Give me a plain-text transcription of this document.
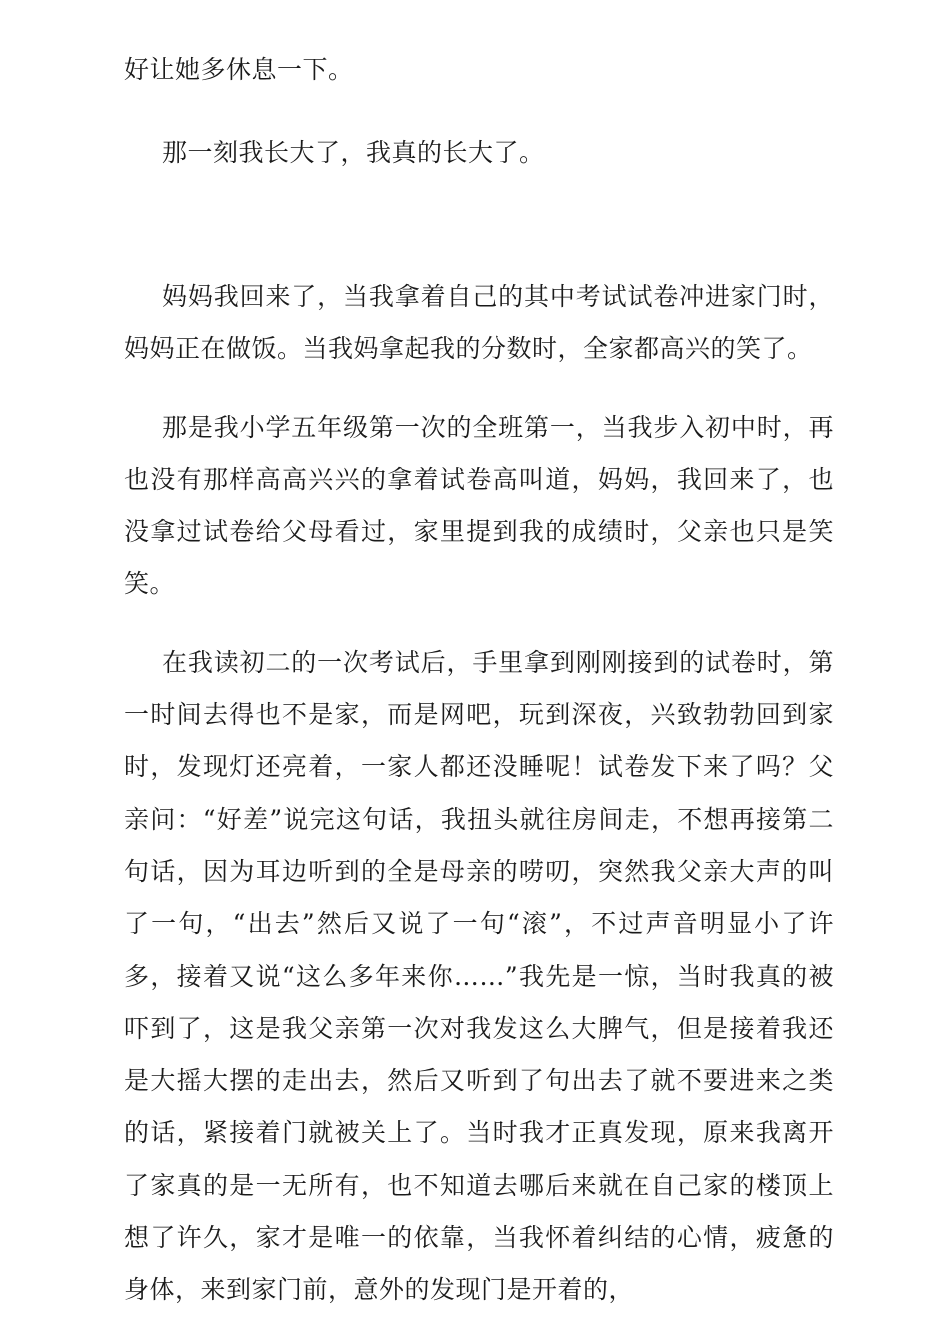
好让她多休息一下。

那一刻我长大了，我真的长大了。

妈妈我回来了，当我拿着自己的其中考试试卷冲进家门时，妈妈正在做饭。当我妈拿起我的分数时，全家都高兴的笑了。

那是我小学五年级第一次的全班第一，当我步入初中时，再也没有那样高高兴兴的拿着试卷高叫道，妈妈，我回来了，也没拿过试卷给父母看过，家里提到我的成绩时，父亲也只是笑笑。

在我读初二的一次考试后，手里拿到刚刚接到的试卷时，第一时间去得也不是家，而是网吧，玩到深夜，兴致勃勃回到家时，发现灯还亮着，一家人都还没睡呢！试卷发下来了吗？父亲问：“好差”说完这句话，我扭头就往房间走，不想再接第二句话，因为耳边听到的全是母亲的唠叨，突然我父亲大声的叫了一句，“出去”然后又说了一句“滚”，不过声音明显小了许多，接着又说“这么多年来你……”我先是一惊，当时我真的被吓到了，这是我父亲第一次对我发这么大脾气，但是接着我还是大摇大摆的走出去，然后又听到了句出去了就不要进来之类的话，紧接着门就被关上了。当时我才正真发现，原来我离开了家真的是一无所有，也不知道去哪后来就在自己家的楼顶上想了许久，家才是唯一的依靠，当我怀着纠结的心情，疲惫的身体，来到家门前，意外的发现门是开着的，
